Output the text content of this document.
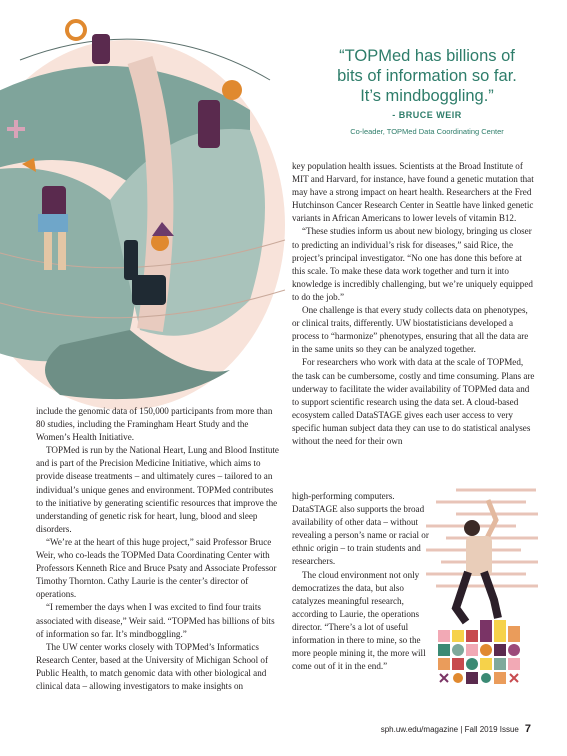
“TOPMed has billions of
bits of information so far.
It’s mindboggling.”
- BRUCE WEIR
Co-leader, TOPMed Data Coordinating Center

include the genomic data of 150,000 participants from more than 80 studies, including the Framingham Heart Study and the Women’s Health Initiative.

TOPMed is run by the National Heart, Lung and Blood Institute and is part of the Precision Medicine Initiative, which aims to provide disease treatments – and ultimately cures – tailored to an individual’s unique genes and environment. TOPMed contributes to the initiative by generating scientific resources that improve the understanding of genetic risk for heart, lung, blood and sleep disorders.

“We’re at the heart of this huge project,” said Professor Bruce Weir, who co-leads the TOPMed Data Coordinating Center with Professors Kenneth Rice and Bruce Psaty and Associate Professor Timothy Thornton. Cathy Laurie is the center’s director of operations.

“I remember the days when I was excited to find four traits associated with disease,” Weir said. “TOPMed has billions of bits of information so far. It’s mindboggling.”

The UW center works closely with TOPMed’s Informatics Research Center, based at the University of Michigan School of Public Health, to match genomic data with other biological and clinical data – allowing investigators to make insights on

key population health issues. Scientists at the Broad Institute of MIT and Harvard, for instance, have found a genetic mutation that may have a strong impact on heart health. Researchers at the Fred Hutchinson Cancer Research Center in Seattle have linked genetic variants in African Americans to lower levels of vitamin B12.

“These studies inform us about new biology, bringing us closer to predicting an individual’s risk for diseases,” said Rice, the project’s principal investigator. “No one has done this before at this scale. To make these data work together and turn it into knowledge is incredibly challenging, but we’re uniquely equipped to do the job.”

One challenge is that every study collects data on phenotypes, or clinical traits, differently. UW biostatisticians developed a process to “harmonize” phenotypes, ensuring that all the data are in the same units so they can be analyzed together.

For researchers who work with data at the scale of TOPMed, the task can be cumbersome, costly and time consuming. Plans are underway to facilitate the wider availability of TOPMed data and to support scientific research using the data set. A cloud-based ecosystem called DataSTAGE gives each user access to very specific human subject data they can use to do statistical analyses without the need for their own

high-performing computers. DataSTAGE also supports the broad availability of other data – without revealing a person’s name or racial or ethnic origin – to train students and researchers.

The cloud environment not only democratizes the data, but also catalyzes meaningful research, according to Laurie, the operations director. “There’s a lot of useful information in there to mine, so the more people mining it, the more will come out of it in the end.”

sph.uw.edu/magazine | Fall 2019 Issue 7
